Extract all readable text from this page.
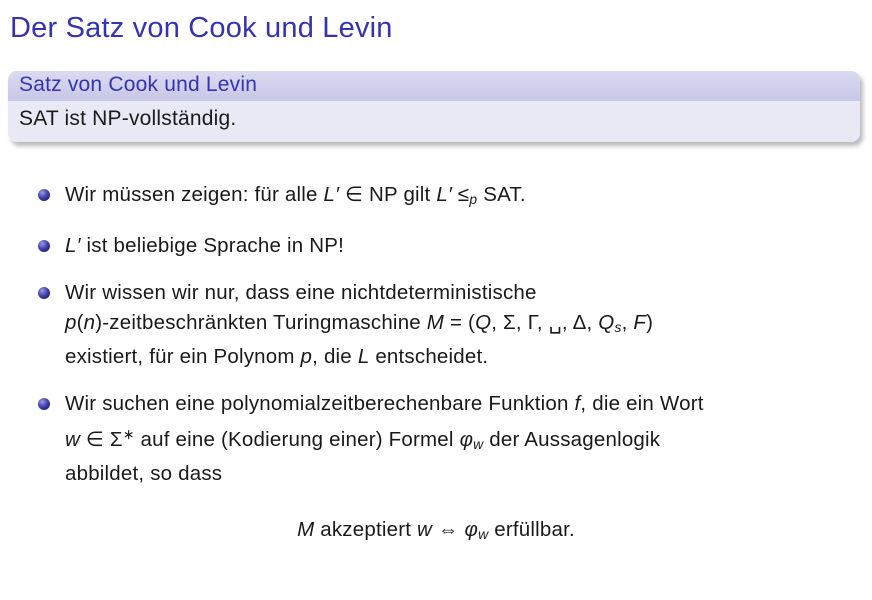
Der Satz von Cook und Levin
Satz von Cook und Levin
SAT ist NP-vollständig.
Wir müssen zeigen: für alle L′ ∈ NP gilt L′ ≤p SAT.
L′ ist beliebige Sprache in NP!
Wir wissen wir nur, dass eine nichtdeterministische
p(n)-zeitbeschränkten Turingmaschine M = (Q, Σ, Γ, ␣, Δ, Qs, F)
existiert, für ein Polynom p, die L entscheidet.
Wir suchen eine polynomialzeitberechenbare Funktion f, die ein Wort
w ∈ Σ∗ auf eine (Kodierung einer) Formel φw der Aussagenlogik
abbildet, so dass
M akzeptiert w ⇔ φw erfüllbar.
